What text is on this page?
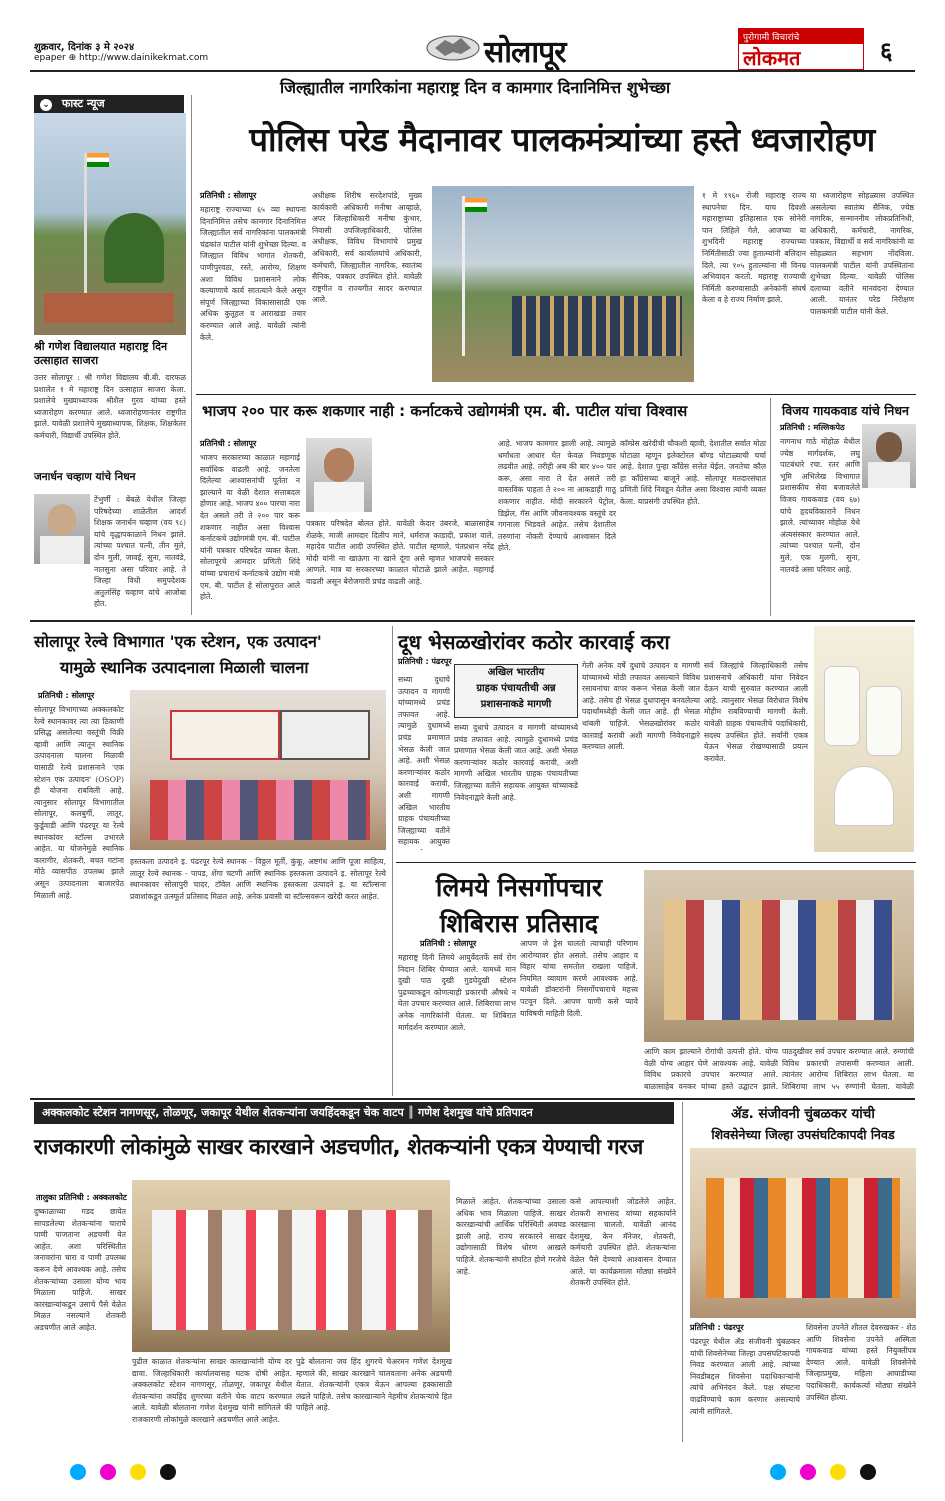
शुक्रवार, दिनांक ३ मे २०२४
epaper ⊕ http://www.dainikekmat.com	सोलापूर	पुरोगामी विचारांचे
लोकमत	६
⌄ फास्ट न्यूज
श्री गणेश विद्यालयात महाराष्ट्र दिन उत्साहात साजरा
उत्तर सोलापूर : श्री गणेश विद्यालय बी.बी. दारफळ प्रशालेत १ मे महाराष्ट्र दिन उत्साहात साजरा केला. प्रशालेचे मुख्याध्यापक श्रीशैल गुरव यांच्या हस्ते ध्वजारोहण करण्यात आले. ध्वजारोहणानंतर राष्ट्रगीत झाले. यावेळी प्रशालेचे मुख्याध्यापक, शिक्षक, शिक्षकेतर कर्मचारी, विद्यार्थी उपस्थित होते.
जनार्धन चव्हाण यांचे निधन
टेंभुर्णी : बेंबळे येथील जिल्हा परिषदेच्या शाळेतील आदर्श शिक्षक जनार्धन चव्हाण (वय ९८) यांचे वृद्धापकाळाने निधन झाले. त्यांच्या पश्चात पत्नी, तीन मुले, दोन मुली, जावई, सुना, नातवंडे, नातसुना असा परिवार आहे. ते जिल्हा विधी समुपदेशक अतुलसिंह चव्हाण यांचे आजोबा होत.
जिल्ह्यातील नागरिकांना महाराष्ट्र दिन व कामगार दिनानिमित्त शुभेच्छा
पोलिस परेड मैदानावर पालकमंत्र्यांच्या हस्ते ध्वजारोहण
प्रतिनिधी : सोलापूर
महाराष्ट्र राज्याच्या ६५ व्या स्थापना दिनानिमित्त तसेच कामगार दिनानिमित्त जिल्ह्यातील सर्व नागरिकांना पालकमंत्री चंद्रकांत पाटील यांनी शुभेच्छा दिल्या. व जिल्ह्यात विविध भागांत शेतकरी, पाणीपुरवठा, रस्ते, आरोग्य, शिक्षण अशा विविध प्रशासनाने लोक कल्याणाचे कार्य सातत्याने केले असून संपूर्ण जिल्ह्याच्या विकासासाठी एक अधिक कुतूहल व आराखडा तयार करण्यात आले आहे. यावेळी त्यांनी केले.
अधीक्षक शिरीष सरदेशपांडे, मुख्य कार्यकारी अधिकारी मनीषा आव्हाळे, अपर जिल्हाधिकारी मनीषा कुंभार, निवासी उपजिल्हाधिकारी, पोलिस अधीक्षक, विविध विभागांचे प्रमुख अधिकारी, सर्व कार्यालयांचे अधिकारी, कर्मचारी, जिल्ह्यातील नागरिक, स्वातंत्र्य सैनिक, पत्रकार उपस्थित होते. यावेळी राष्ट्रगीत व राज्यगीत सादर करण्यात आले.
१ मे १९६० रोजी महाराष्ट्र राज्य स्थापनेचा दिन. याच दिवशी महाराष्ट्राच्या इतिहासात एक सोनेरी पान लिहिले गेले. आजच्या या शुभदिनी महाराष्ट्र राज्याच्या निर्मितीसाठी ज्या हुतात्म्यांनी बलिदान दिले, त्या १०५ हुतात्म्यांना मी विनम्र अभिवादन करतो. महाराष्ट्र राज्याची निर्मिती करण्यासाठी अनेकांनी संघर्ष केला व हे राज्य निर्माण झाले.
या ध्वजारोहण सोहळ्यास उपस्थित असलेल्या स्वातंत्र्य सैनिक, ज्येष्ठ नागरिक, सन्माननीय लोकप्रतिनिधी, अधिकारी, कर्मचारी, नागरिक, पत्रकार, विद्यार्थी व सर्व नागरिकांनी या सोहळ्यात सहभाग नोंदविला. पालकमंत्री पाटील यांनी उपस्थितांना शुभेच्छा दिल्या. यावेळी पोलिस दलाच्या वतीने मानवंदना देण्यात आली. यानंतर परेड निरीक्षण पालकमंत्री पाटील यांनी केले.
भाजप २०० पार करू शकणार नाही : कर्नाटकचे उद्योगमंत्री एम. बी. पाटील यांचा विश्वास
प्रतिनिधी : सोलापूर
भाजप सरकारच्या काळात महागाई सर्वाधिक वाढली आहे. जनतेला दिलेल्या आश्वासनांची पूर्तता न झाल्याने या वेळी देशात सत्ताबदल होणार आहे. भाजप ४०० पारचा नारा देत असले तरी ते २०० पार करू शकणार नाहीत असा विश्वास कर्नाटकचे उद्योगमंत्री एम. बी. पाटील यांनी पत्रकार परिषदेत व्यक्त केला. सोलापूरचे आमदार प्रणिती शिंदे यांच्या प्रचारार्थ कर्नाटकचे उद्योग मंत्री एम. बी. पाटील हे सोलापुरात आले होते.
पत्रकार परिषदेत बोलत होते. यावेळी केदार उंबरजे, बाळासाहेब शेळके, माजी आमदार दिलीप माने, धर्मराज काडादी, प्रकाश वाले, महादेव पाटील आदी उपस्थित होते. पाटील म्हणाले, पंतप्रधान नरेंद्र मोदी यांनी ना खाऊंगा ना खाने दूंगा असे म्हणत भाजपचे सरकार आणले. मात्र या सरकारच्या काळात घोटाळे झाले आहेत. महागाई वाढली असून बेरोजगारी प्रचंड वाढली आहे.
आहे. भाजप कामगार झाली आहे. त्यामुळे धर्मांधता आधार घेत केवळ निवडणूक लढवीत आहे. तरीही अब की बार ४०० पार करू, असा नारा ते देत असले तरी वास्तविक पाहता ते २०० ना आकडाही गाठू शकणार नाहीत. मोदी सरकारने पेट्रोल, डिझेल, गॅस आणि जीवनावश्यक वस्तूंचे दर गगनाला भिडवले आहेत. तसेच देशातील तरुणांना नोकरी देण्याचे आश्वासन दिले होते.
कॉम्प्रेस खरेदीची चौकशी व्हावी, देशातील सर्वात मोठा घोटाळा म्हणून इलेक्टोरल बॉण्ड घोटाळ्याची चर्चा आहे. देशात पुन्हा काँग्रेस सत्तेत येईल. जनतेचा कौल हा काँग्रेसच्या बाजूने आहे. सोलापूर मतदारसंघात प्रणिती शिंदे निवडून येतील असा विश्वास त्यांनी व्यक्त केला. याप्रसंगी उपस्थित होते.
विजय गायकवाड यांचे निधन
प्रतिनिधी : मल्लिकपेठ
नागनाथ गाठे मोहोळ येथील ज्येष्ठ मार्गदर्शक, लघु पाटबंधारे रचा. रतर आणि भूमि अभिलेख विभागात प्रशासकीय सेवा बजावलेले विजय गायकवाड (वय ६७) यांचे हृदयविकाराने निधन झाले. त्यांच्यावर मोहोळ येथे अंत्यसंस्कार करण्यात आले. त्यांच्या पश्चात पत्नी, दोन मुले, एक मुलगी, सुना, नातवंडे असा परिवार आहे.
सोलापूर रेल्वे विभागात 'एक स्टेशन, एक उत्पादन'
यामुळे स्थानिक उत्पादनाला मिळाली चालना
प्रतिनिधी : सोलापूर
सोलापूर विभागाच्या अक्कलकोट रेल्वे स्थानकावर त्या त्या ठिकाणी प्रसिद्ध असलेल्या वस्तूंची विक्री व्हावी आणि त्यातून स्थानिक उत्पादनाला चालना मिळावी यासाठी रेल्वे प्रशासनाने 'एक स्टेशन एक उत्पादन' (OSOP) ही योजना राबविली आहे. त्यानुसार सोलापूर विभागातील सोलापूर, कलबुर्गी, लातूर, कुर्डूवाडी आणि पंढरपूर या रेल्वे स्थानकांवर स्टॉल्स उभारले आहेत. या योजनेमुळे स्थानिक कारागीर, शेतकरी, बचत गटांना मोठे व्यासपीठ उपलब्ध झाले असून उत्पादनाला बाजारपेठ मिळाली आहे.
हस्तकला उत्पादने इ. पंढरपूर रेल्वे स्थानक - विठ्ठल मूर्ती, कुंकू, अष्टगंध आणि पूजा साहित्य, लातूर रेल्वे स्थानक - पापड, शेंगा चटणी आणि स्थानिक हस्तकला उत्पादने इ. सोलापूर रेल्वे स्थानकावर सोलापुरी चादर, टॉवेल आणि स्थानिक हस्तकला उत्पादने इ. या स्टॉल्सना प्रवाशांकडून उत्स्फूर्त प्रतिसाद मिळत आहे. अनेक प्रवासी या स्टॉल्सवरून खरेदी करत आहेत.
दूध भेसळखोरांवर कठोर कारवाई करा
प्रतिनिधी : पंढरपूर
अखिल भारतीय
ग्राहक पंचायतीची अन्न
प्रशासनाकडे मागणी
सध्या दुधाचे उत्पादन व मागणी यांच्यामध्ये प्रचंड तफावत आहे. त्यामुळे दुधामध्ये प्रचंड प्रमाणात भेसळ केली जात आहे. अशी भेसळ करणाऱ्यांवर कठोर कारवाई करावी, अशी मागणी अखिल भारतीय ग्राहक पंचायतीच्या जिल्ह्याच्या वतीने सहायक आयुक्त
सध्या दुधाचे उत्पादन व मागणी यांच्यामध्ये प्रचंड तफावत आहे. त्यामुळे दुधामध्ये प्रचंड प्रमाणात भेसळ केली जात आहे. अशी भेसळ करणाऱ्यांवर कठोर कारवाई करावी, अशी मागणी अखिल भारतीय ग्राहक पंचायतीच्या जिल्ह्याच्या वतीने सहायक आयुक्त यांच्याकडे निवेदनाद्वारे केली आहे.
गेली अनेक वर्षे दुधाचे उत्पादन व मागणी यांच्यामध्ये मोठी तफावत असल्याने विविध रसायनांचा वापर करून भेसळ केली जात आहे. तसेच ही भेसळ दुधापासून बनवलेल्या पदार्थांमध्येही केली जात आहे. ही भेसळ थांबली पाहिजे. भेसळखोरांवर कठोर कारवाई करावी अशी मागणी निवेदनाद्वारे करण्यात आली.
सर्व जिल्ह्यांचे जिल्हाधिकारी तसेच प्रशासनाचे अधिकारी यांना निवेदन देऊन याची सुरुवात करण्यात आली आहे. त्यानुसार भेसळ विरोधात विशेष मोहीम राबविण्याची मागणी केली. यावेळी ग्राहक पंचायतीचे पदाधिकारी, सदस्य उपस्थित होते. सर्वांनी एकत्र येऊन भेसळ रोखण्यासाठी प्रयत्न करावेत.
लिमये निसर्गोपचार
शिबिरास प्रतिसाद
प्रतिनिधी : सोलापूर
महाराष्ट्र दिनी लिमये आयुर्वेदतर्फे सर्व रोग निदान शिबिर घेण्यात आले. यामध्ये मान दुखी पाठ दुखी गुडघेदुखी स्टेशन पुढच्याकडून कोणत्याही प्रकारची औषधे न घेता उपचार करण्यात आले. शिबिराचा लाभ अनेक नागरिकांनी घेतला. या शिबिरात मार्गदर्शन करण्यात आले.
आपण जे ड्रेस घालतो त्याचाही परिणाम आरोग्यावर होत असतो. तसेच आहार व विहार यांचा समतोल राखला पाहिजे. नियमित व्यायाम करणे आवश्यक आहे. यावेळी डॉक्टरांनी निसर्गोपचाराचे महत्त्व पटवून दिले. आपण पाणी कसे प्यावे याविषयी माहिती दिली.
आणि काम झाल्याने रोगांची उत्पत्ती होते. योग्य वेळी योग्य आहार घेणे आवश्यक आहे. यावेळी विविध प्रकारचे उपचार करण्यात आले. बाळासाहेब वनकर यांच्या हस्ते उद्घाटन झाले.
पाठदुखीवर सर्व उपचार करण्यात आले. रुग्णांची विविध प्रकारची तपासणी करण्यात आली. त्यानंतर आरोग्य शिबिरात लाभ घेतला. या शिबिराचा लाभ ५५ रुग्णांनी घेतला. यावेळी
अक्कलकोट स्टेशन नागणसूर, तोळणूर, जकापूर येथील शेतकऱ्यांना जयहिंदकडून चेक वाटप ║ गणेश देशमुख यांचे प्रतिपादन
राजकारणी लोकांमुळे साखर कारखाने अडचणीत, शेतकऱ्यांनी एकत्र येण्याची गरज
तालुका प्रतिनिधी : अक्कलकोट
दुष्काळाच्या गडद छायेत सापडलेल्या शेतकऱ्यांना चाराचे पाणी पाजताना अडचणी येत आहेत. अशा परिस्थितीत जनावरांना चारा व पाणी उपलब्ध करून देणे आवश्यक आहे. तसेच शेतकऱ्यांच्या उसाला योग्य भाव मिळाला पाहिजे. साखर कारखान्यांकडून उसाचे पैसे वेळेत मिळत नसल्याने शेतकरी अडचणीत आले आहेत.
पुढील काळात शेतकऱ्यांना साखर कारखान्यांनी योग्य दर द्यावा. जिल्हाधिकारी कार्यालयासह घटक दोषी आहेत. अक्कलकोट स्टेशन नागणसूर, तोळणूर, जकापूर येथील शेतकऱ्यांना जयहिंद शुगरच्या वतीने चेक वाटप करण्यात आले. यावेळी बोलताना गणेश देशमुख यांनी सांगितले की राजकारणी लोकांमुळे कारखाने अडचणीत आले आहेत.
पुढे बोलताना जय हिंद शुगरचे चेअरमन गणेश देशमुख म्हणाले की, साखर कारखाने चालवताना अनेक अडचणी येतात. शेतकऱ्यांनी एकत्र येऊन आपल्या हक्कासाठी लढले पाहिजे. तसेच कारखान्याने नेहमीच शेतकऱ्यांचे हित पाहिले आहे.
मिळाले आहेत. शेतकऱ्यांच्या उसाला अधिक भाव मिळाला पाहिजे. साखर कारखान्यांची आर्थिक परिस्थिती अवघड झाली आहे. राज्य सरकारने साखर उद्योगासाठी विशेष धोरण आखले पाहिजे. शेतकऱ्यांनी संघटित होणे गरजेचे आहे.
कसे आपल्याशी जोडलेले आहेत. शेतकरी सभासद यांच्या सहकार्याने कारखाना चालतो. यावेळी आनंद देशमुख, केन मॅनेजर, शेतकरी, कर्मचारी उपस्थित होते. शेतकऱ्यांना वेळेत पैसे देण्याचे आश्वासन देण्यात आले. या कार्यक्रमाला मोठ्या संख्येने शेतकरी उपस्थित होते.
ॲड. संजीवनी चुंबळकर यांची
शिवसेनेच्या जिल्हा उपसंघटिकापदी निवड
प्रतिनिधी : पंढरपूर
पंढरपूर येथील ॲड संजीवनी चुंबळकर यांची शिवसेनेच्या जिल्हा उपसंघटिकापदी निवड करण्यात आली आहे. त्यांच्या निवडीबद्दल शिवसेना पदाधिकाऱ्यांनी त्यांचे अभिनंदन केले. पक्ष संघटना वाढविण्याचे काम करणार असल्याचे त्यांनी सांगितले.
शिवसेना उपनेते शीतल देवरुखकर - शेठ आणि शिवसेना उपनेते अस्मिता गायकवाड यांच्या हस्ते नियुक्तीपत्र देण्यात आले. यावेळी शिवसेनेचे जिल्हाप्रमुख, महिला आघाडीच्या पदाधिकारी, कार्यकर्त्या मोठ्या संख्येने उपस्थित होत्या.
